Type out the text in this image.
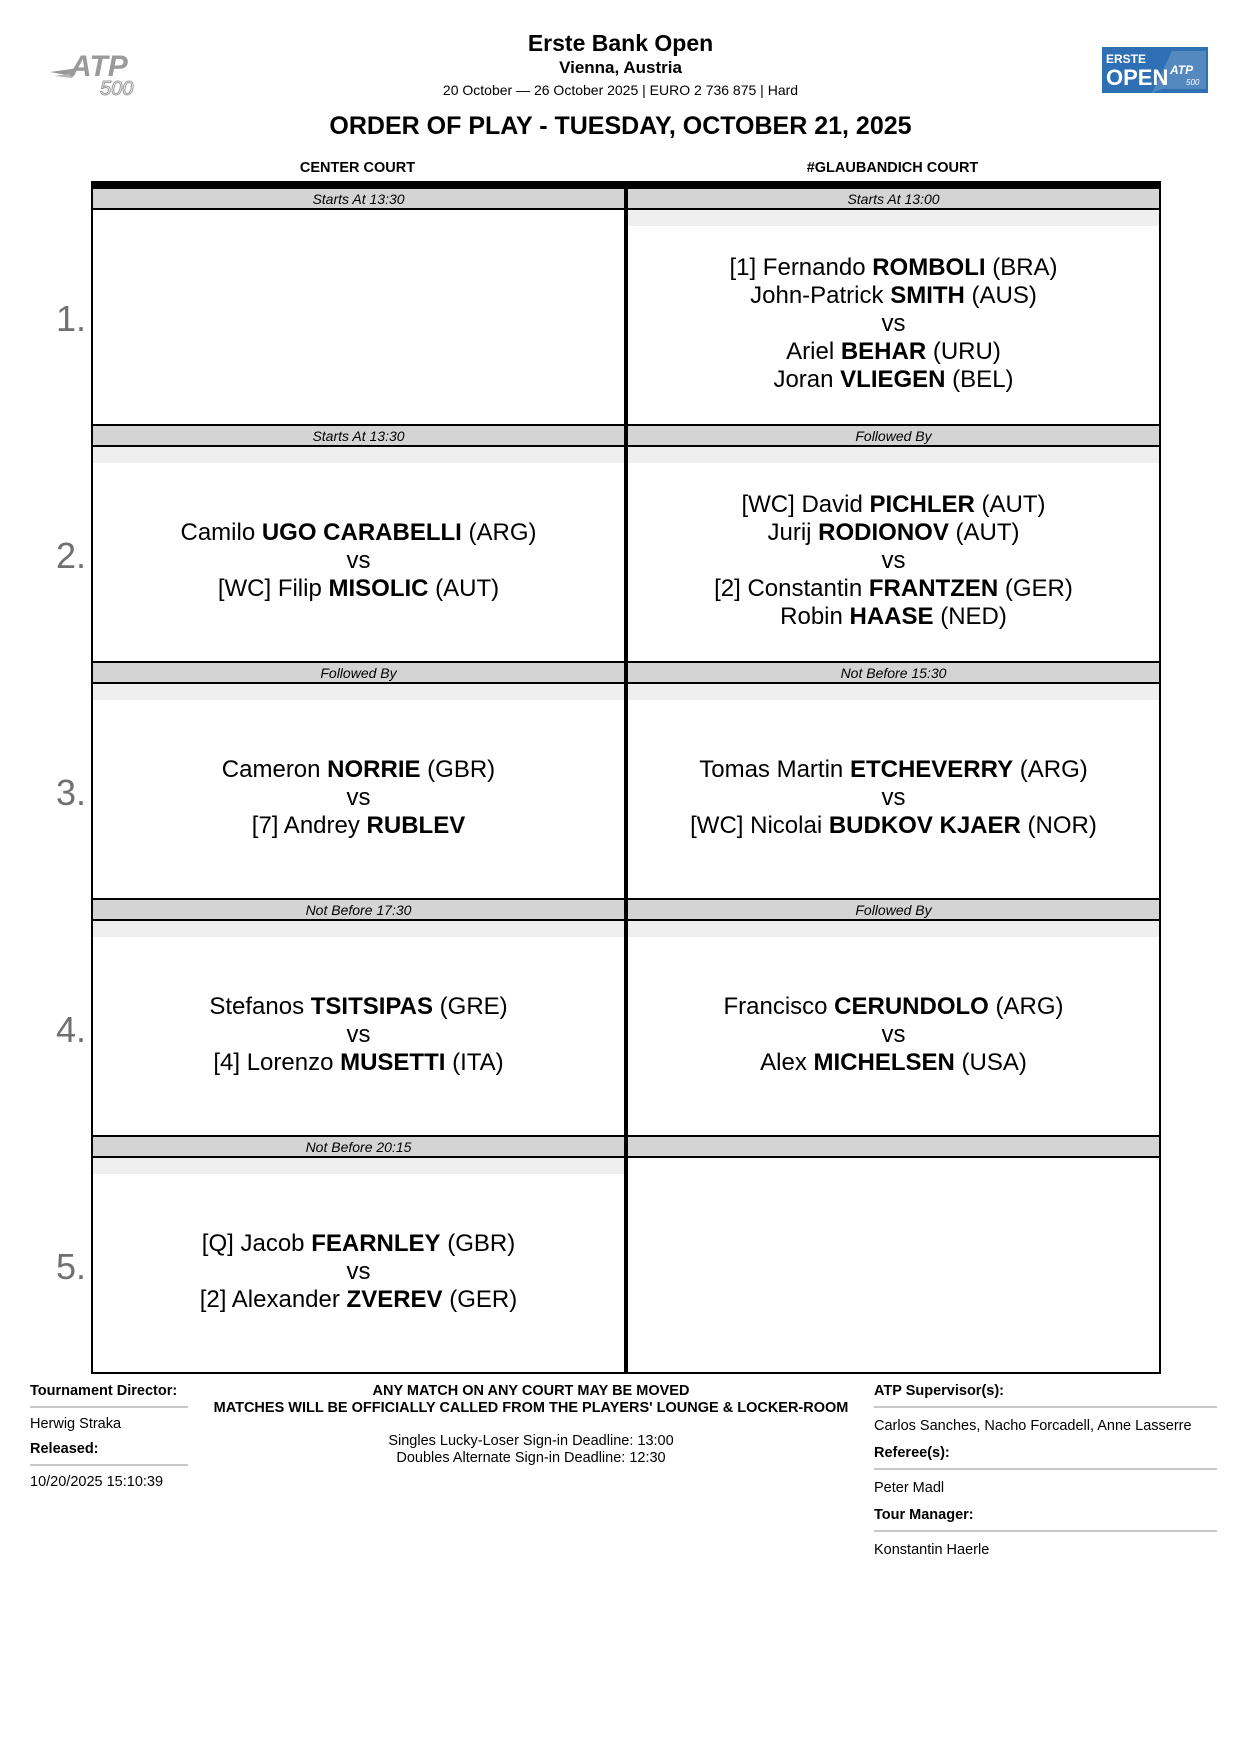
ATP
500
ERSTE
OPEN ATP
500
Erste Bank Open
Vienna, Austria
20 October — 26 October 2025 | EURO 2 736 875 | Hard
ORDER OF PLAY - TUESDAY, OCTOBER 21, 2025
CENTER COURT	#GLAUBANDICH COURT
Starts At 13:30
Starts At 13:30
Camilo UGO CARABELLI (ARG)
vs
[WC] Filip MISOLIC (AUT)
Followed By
Cameron NORRIE (GBR)
vs
[7] Andrey RUBLEV
Not Before 17:30
Stefanos TSITSIPAS (GRE)
vs
[4] Lorenzo MUSETTI (ITA)
Not Before 20:15
[Q] Jacob FEARNLEY (GBR)
vs
[2] Alexander ZVEREV (GER)
Starts At 13:00
[1] Fernando ROMBOLI (BRA)
John-Patrick SMITH (AUS)
vs
Ariel BEHAR (URU)
Joran VLIEGEN (BEL)
Followed By
[WC] David PICHLER (AUT)
Jurij RODIONOV (AUT)
vs
[2] Constantin FRANTZEN (GER)
Robin HAASE (NED)
Not Before 15:30
Tomas Martin ETCHEVERRY (ARG)
vs
[WC] Nicolai BUDKOV KJAER (NOR)
Followed By
Francisco CERUNDOLO (ARG)
vs
Alex MICHELSEN (USA)
1.
2.
3.
4.
5.
Tournament Director:
Herwig Straka
Released:
10/20/2025 15:10:39
ANY MATCH ON ANY COURT MAY BE MOVED
MATCHES WILL BE OFFICIALLY CALLED FROM THE PLAYERS' LOUNGE & LOCKER-ROOM
Singles Lucky-Loser Sign-in Deadline: 13:00
Doubles Alternate Sign-in Deadline: 12:30
ATP Supervisor(s):
Carlos Sanches, Nacho Forcadell, Anne Lasserre
Referee(s):
Peter Madl
Tour Manager:
Konstantin Haerle
